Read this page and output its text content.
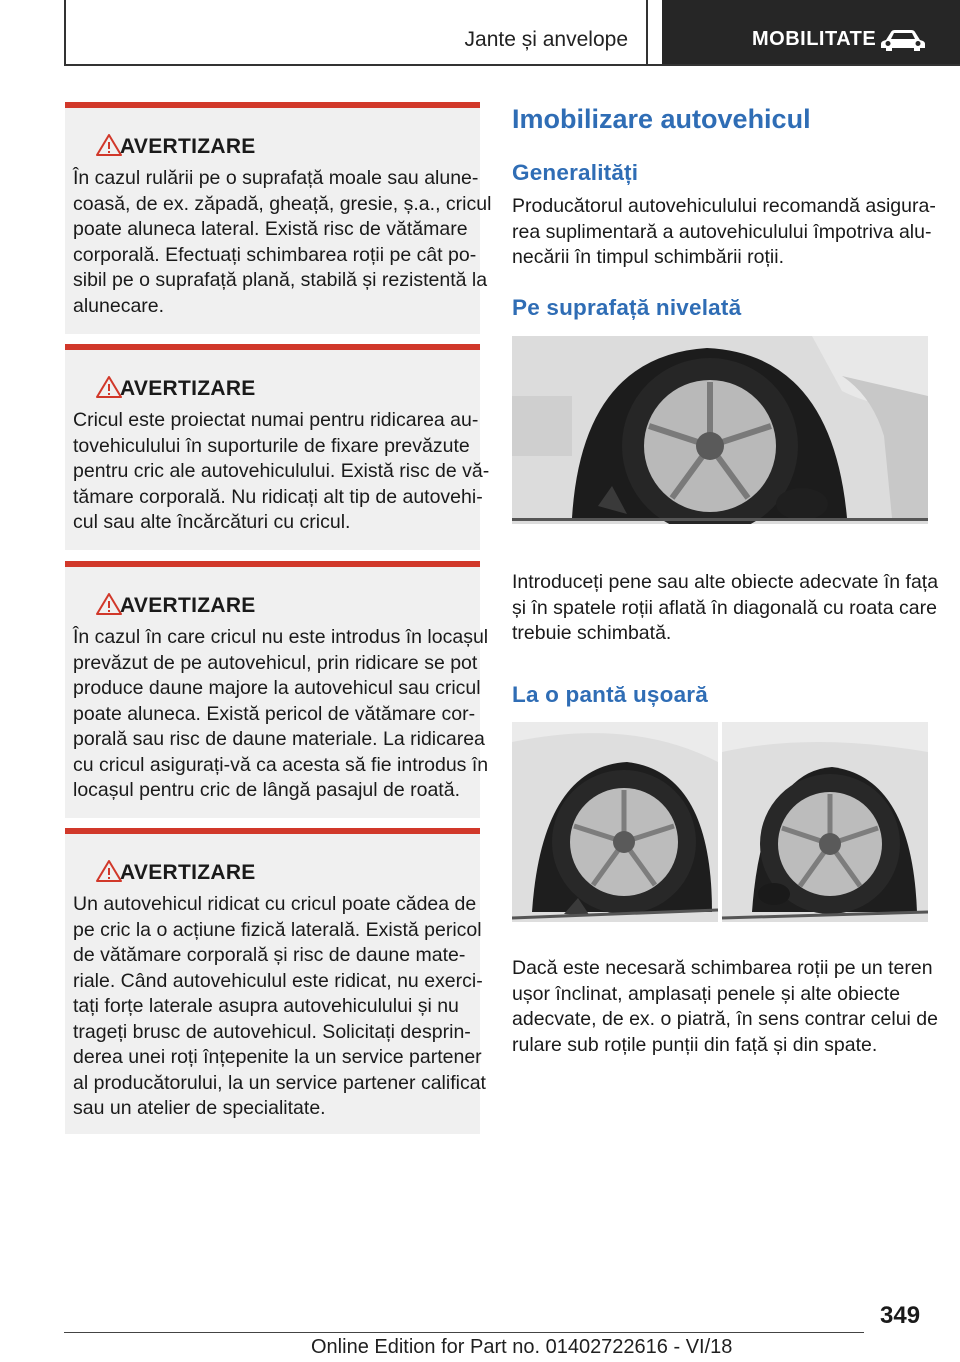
Jante și anvelope	MOBILITATE
AVERTIZARE
În cazul rulării pe o suprafață moale sau alune‐
coasă, de ex. zăpadă, gheață, gresie, ș.a., cricul
poate aluneca lateral. Există risc de vătămare
corporală. Efectuați schimbarea roții pe cât po‐
sibil pe o suprafață plană, stabilă și rezistentă la
alunecare.
AVERTIZARE
Cricul este proiectat numai pentru ridicarea au‐
tovehiculului în suporturile de fixare prevăzute
pentru cric ale autovehiculului. Există risc de vă‐
tămare corporală. Nu ridicați alt tip de autovehi‐
cul sau alte încărcături cu cricul.
AVERTIZARE
În cazul în care cricul nu este introdus în locașul
prevăzut de pe autovehicul, prin ridicare se pot
produce daune majore la autovehicul sau cricul
poate aluneca. Există pericol de vătămare cor‐
porală sau risc de daune materiale. La ridicarea
cu cricul asigurați-vă ca acesta să fie introdus în
locașul pentru cric de lângă pasajul de roată.
AVERTIZARE
Un autovehicul ridicat cu cricul poate cădea de
pe cric la o acțiune fizică laterală. Există pericol
de vătămare corporală și risc de daune mate‐
riale. Când autovehiculul este ridicat, nu exerci‐
tați forțe laterale asupra autovehiculului și nu
trageți brusc de autovehicul. Solicitați desprin‐
derea unei roți înțepenite la un service partener
al producătorului, la un service partener calificat
sau un atelier de specialitate.
Imobilizare autovehicul
Generalități
Producătorul autovehiculului recomandă asigura‐
rea suplimentară a autovehiculului împotriva alu‐
necării în timpul schimbării roții.
Pe suprafață nivelată
Introduceți pene sau alte obiecte adecvate în fața
și în spatele roții aflată în diagonală cu roata care
trebuie schimbată.
La o pantă ușoară
Dacă este necesară schimbarea roții pe un teren
ușor înclinat, amplasați penele și alte obiecte
adecvate, de ex. o piatră, în sens contrar celui de
rulare sub roțile punții din față și din spate.
349
Online Edition for Part no. 01402722616 - VI/18
